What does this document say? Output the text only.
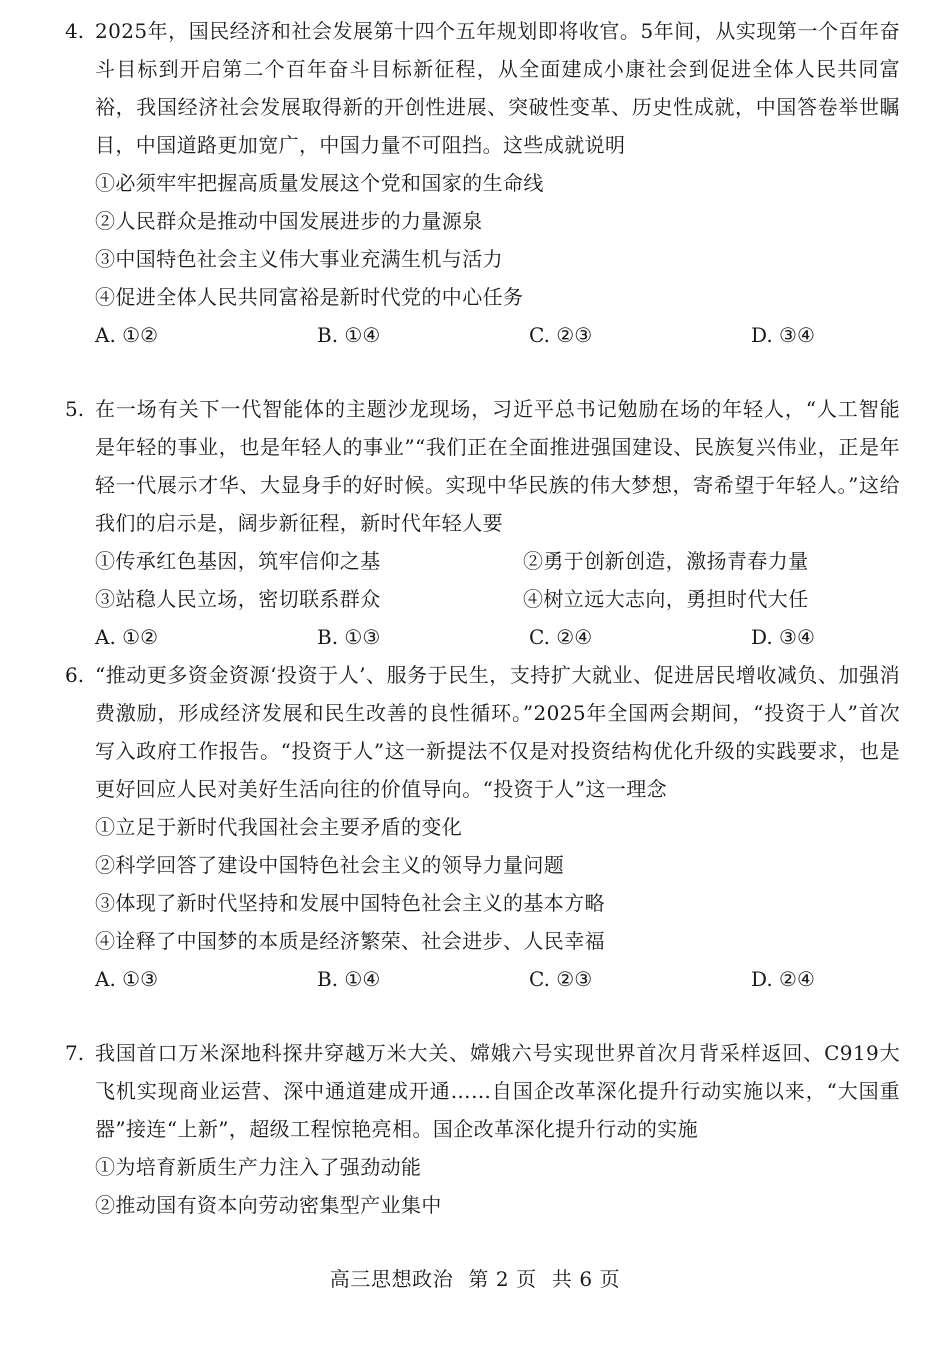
4. 2025年，国民经济和社会发展第十四个五年规划即将收官。5年间，从实现第一个百年奋斗目标到开启第二个百年奋斗目标新征程，从全面建成小康社会到促进全体人民共同富裕，我国经济社会发展取得新的开创性进展、突破性变革、历史性成就，中国答卷举世瞩目，中国道路更加宽广，中国力量不可阻挡。这些成就说明
①必须牢牢把握高质量发展这个党和国家的生命线
②人民群众是推动中国发展进步的力量源泉
③中国特色社会主义伟大事业充满生机与活力
④促进全体人民共同富裕是新时代党的中心任务
A. ①②	B. ①④	C. ②③	D. ③④
5. 在一场有关下一代智能体的主题沙龙现场，习近平总书记勉励在场的年轻人，“人工智能是年轻的事业，也是年轻人的事业”“我们正在全面推进强国建设、民族复兴伟业，正是年轻一代展示才华、大显身手的好时候。实现中华民族的伟大梦想，寄希望于年轻人。”这给我们的启示是，阔步新征程，新时代年轻人要
①传承红色基因，筑牢信仰之基	②勇于创新创造，激扬青春力量
③站稳人民立场，密切联系群众	④树立远大志向，勇担时代大任
A. ①②	B. ①③	C. ②④	D. ③④
6. “推动更多资金资源‘投资于人’、服务于民生，支持扩大就业、促进居民增收减负、加强消费激励，形成经济发展和民生改善的良性循环。”2025年全国两会期间，“投资于人”首次写入政府工作报告。“投资于人”这一新提法不仅是对投资结构优化升级的实践要求，也是更好回应人民对美好生活向往的价值导向。“投资于人”这一理念
①立足于新时代我国社会主要矛盾的变化
②科学回答了建设中国特色社会主义的领导力量问题
③体现了新时代坚持和发展中国特色社会主义的基本方略
④诠释了中国梦的本质是经济繁荣、社会进步、人民幸福
A. ①③	B. ①④	C. ②③	D. ②④
7. 我国首口万米深地科探井穿越万米大关、嫦娥六号实现世界首次月背采样返回、C919大飞机实现商业运营、深中通道建成开通……自国企改革深化提升行动实施以来，“大国重器”接连“上新”，超级工程惊艳亮相。国企改革深化提升行动的实施
①为培育新质生产力注入了强劲动能
②推动国有资本向劳动密集型产业集中
高三思想政治 第 2 页 共 6 页
